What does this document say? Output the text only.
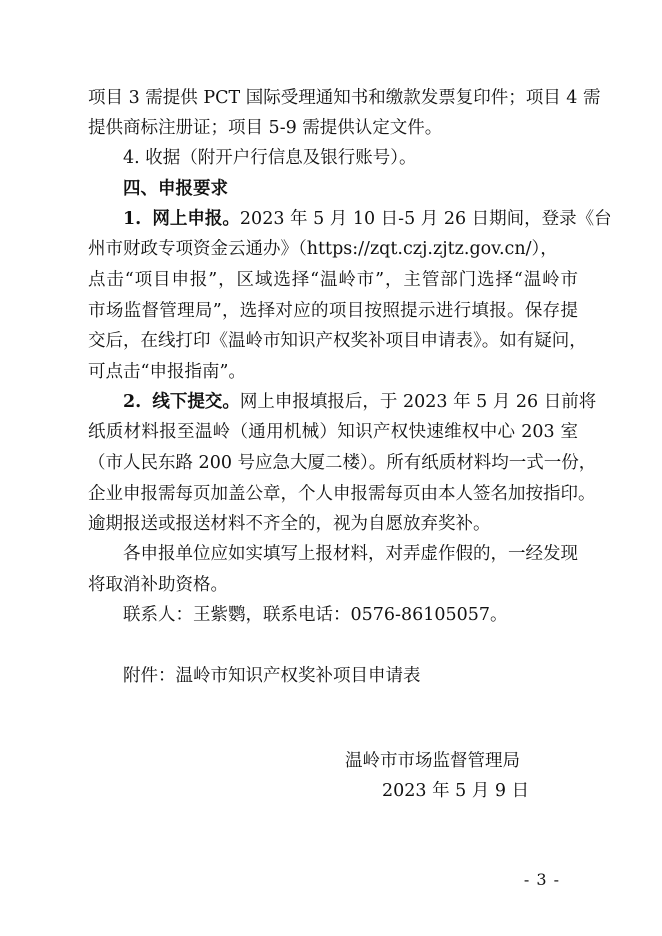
项目 3 需提供 PCT 国际受理通知书和缴款发票复印件；项目 4 需
提供商标注册证；项目 5-9 需提供认定文件。
4. 收据（附开户行信息及银行账号）。
四、申报要求
1. 网上申报。2023 年 5 月 10 日-5 月 26 日期间，登录《台
州市财政专项资金云通办》（https://zqt.czj.zjtz.gov.cn/），
点击“项目申报”，区域选择“温岭市”，主管部门选择“温岭市
市场监督管理局”，选择对应的项目按照提示进行填报。保存提
交后，在线打印《温岭市知识产权奖补项目申请表》。如有疑问，
可点击“申报指南”。
2. 线下提交。网上申报填报后，于 2023 年 5 月 26 日前将
纸质材料报至温岭（通用机械）知识产权快速维权中心 203 室
（市人民东路 200 号应急大厦二楼）。所有纸质材料均一式一份，
企业申报需每页加盖公章，个人申报需每页由本人签名加按指印。
逾期报送或报送材料不齐全的，视为自愿放弃奖补。
各申报单位应如实填写上报材料，对弄虚作假的，一经发现
将取消补助资格。
联系人：王紫鹦，联系电话：0576-86105057。
附件：温岭市知识产权奖补项目申请表
温岭市市场监督管理局
2023 年 5 月 9 日
- 3 -
